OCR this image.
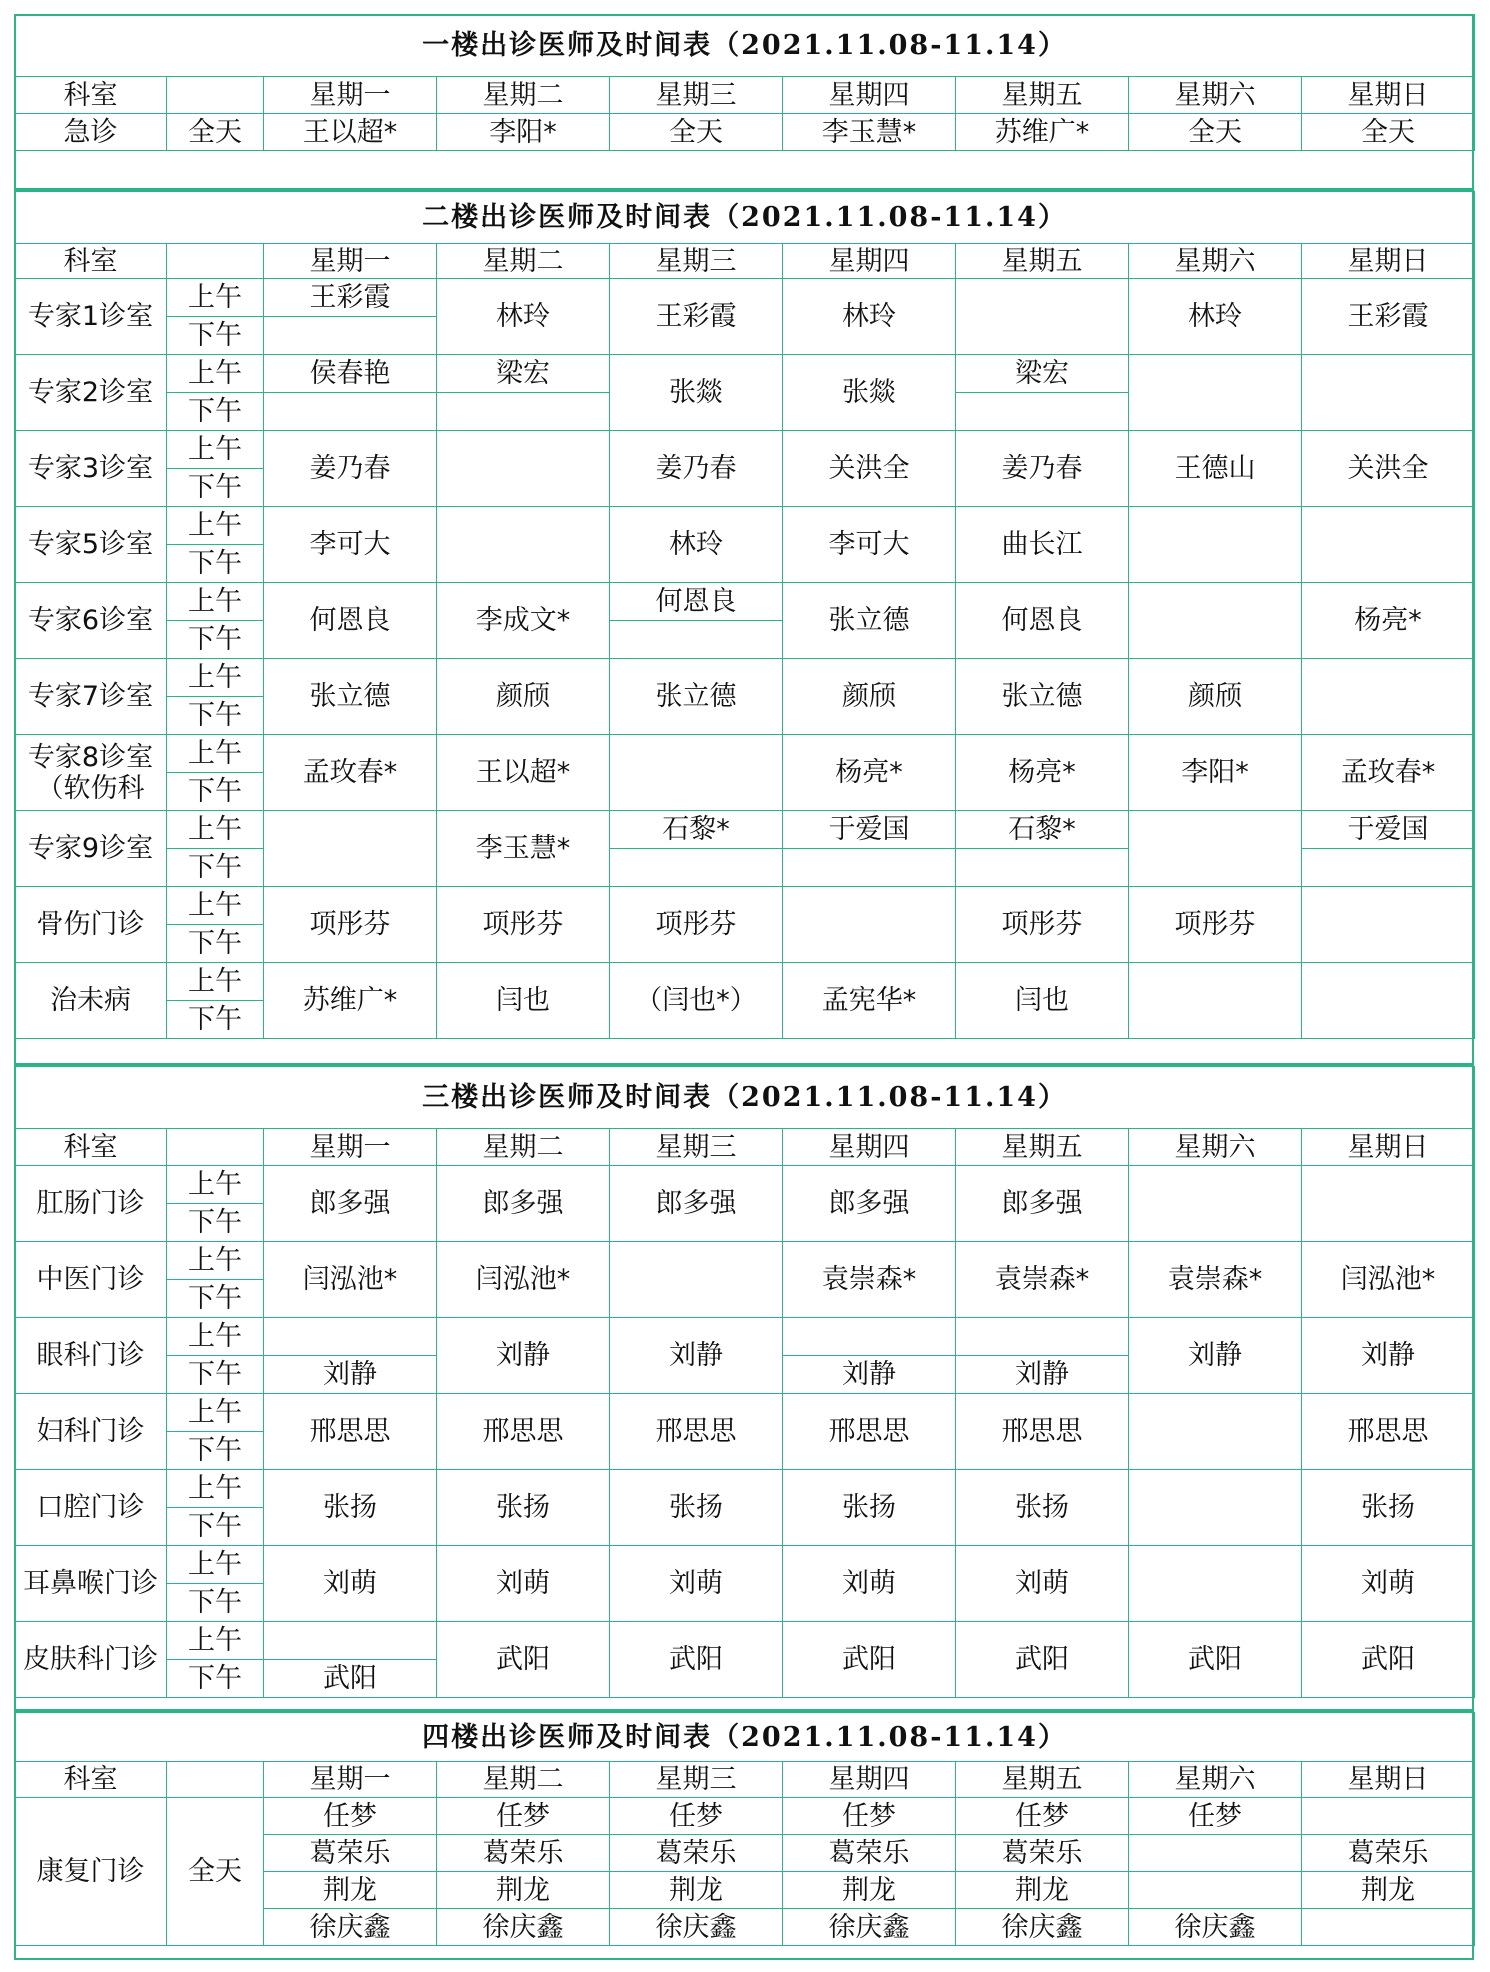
一楼出诊医师及时间表（2021.11.08-11.14）								
科室		星期一	星期二	星期三	星期四	星期五	星期六	星期日
急诊	全天	王以超*	李阳*	全天	李玉慧*	苏维广*	全天	全天
二楼出诊医师及时间表（2021.11.08-11.14）								
科室		星期一	星期二	星期三	星期四	星期五	星期六	星期日
专家1诊室	上午	王彩霞	林玲	王彩霞	林玲		林玲	王彩霞
	下午							
专家2诊室	上午	侯春艳	梁宏	张燚	张燚	梁宏		
	下午							
专家3诊室	上午	姜乃春		姜乃春	关洪全	姜乃春	王德山	关洪全
	下午							
专家5诊室	上午	李可大		林玲	李可大	曲长江		
	下午							
专家6诊室	上午	何恩良	李成文*	何恩良	张立德	何恩良		杨亮*
	下午							
专家7诊室	上午	张立德	颜颀	张立德	颜颀	张立德	颜颀	
	下午							
专家8诊室
（软伤科	上午	孟玫春*	王以超*		杨亮*	杨亮*	李阳*	孟玫春*
	下午							
专家9诊室	上午		李玉慧*	石黎*	于爱国	石黎*		于爱国
	下午							
骨伤门诊	上午	项彤芬	项彤芬	项彤芬		项彤芬	项彤芬	
	下午							
治未病	上午	苏维广*	闫也	（闫也*）	孟宪华*	闫也		
	下午							
三楼出诊医师及时间表（2021.11.08-11.14）								
科室		星期一	星期二	星期三	星期四	星期五	星期六	星期日
肛肠门诊	上午	郎多强	郎多强	郎多强	郎多强	郎多强		
	下午							
中医门诊	上午	闫泓池*	闫泓池*		袁崇森*	袁崇森*	袁崇森*	闫泓池*
	下午							
眼科门诊	上午		刘静	刘静			刘静	刘静
	下午	刘静			刘静	刘静		
妇科门诊	上午	邢思思	邢思思	邢思思	邢思思	邢思思		邢思思
	下午							
口腔门诊	上午	张扬	张扬	张扬	张扬	张扬		张扬
	下午							
耳鼻喉门诊	上午	刘萌	刘萌	刘萌	刘萌	刘萌		刘萌
	下午							
皮肤科门诊	上午		武阳	武阳	武阳	武阳	武阳	武阳
	下午	武阳						
四楼出诊医师及时间表（2021.11.08-11.14）								
科室		星期一	星期二	星期三	星期四	星期五	星期六	星期日
康复门诊	全天	任梦	任梦	任梦	任梦	任梦	任梦	
		葛荣乐	葛荣乐	葛荣乐	葛荣乐	葛荣乐		葛荣乐
		荆龙	荆龙	荆龙	荆龙	荆龙		荆龙
		徐庆鑫	徐庆鑫	徐庆鑫	徐庆鑫	徐庆鑫	徐庆鑫	
